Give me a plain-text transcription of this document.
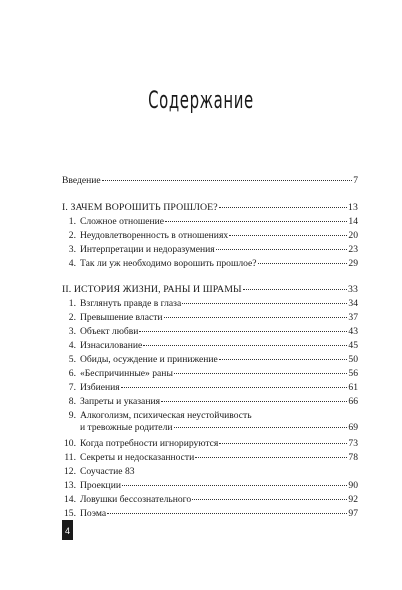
Содержание
Введение	7
I.
ЗАЧЕМ ВОРОШИТЬ ПРОШЛОЕ?	13
1. Сложное отношение	14
2. Неудовлетворенность в отношениях	20
3. Интерпретации и недоразумения	23
4. Так ли уж необходимо ворошить прошлое?	29
II.
ИСТОРИЯ ЖИЗНИ, РАНЫ И ШРАМЫ	33
1. Взглянуть правде в глаза	34
2. Превышение власти	37
3. Объект любви	43
4. Изнасилование	45
5. Обиды, осуждение и принижение	50
6. «Беспричинные» раны	56
7. Избиения	61
8. Запреты и указания	66
9. Алкоголизм, психическая неустойчивость
и тревожные родители	69
10. Когда потребности игнорируются	73
11. Секреты и недосказанности	78
12. Соучастие 83
13. Проекции	90
14. Ловушки бессознательного	92
15. Поэма	97
4
